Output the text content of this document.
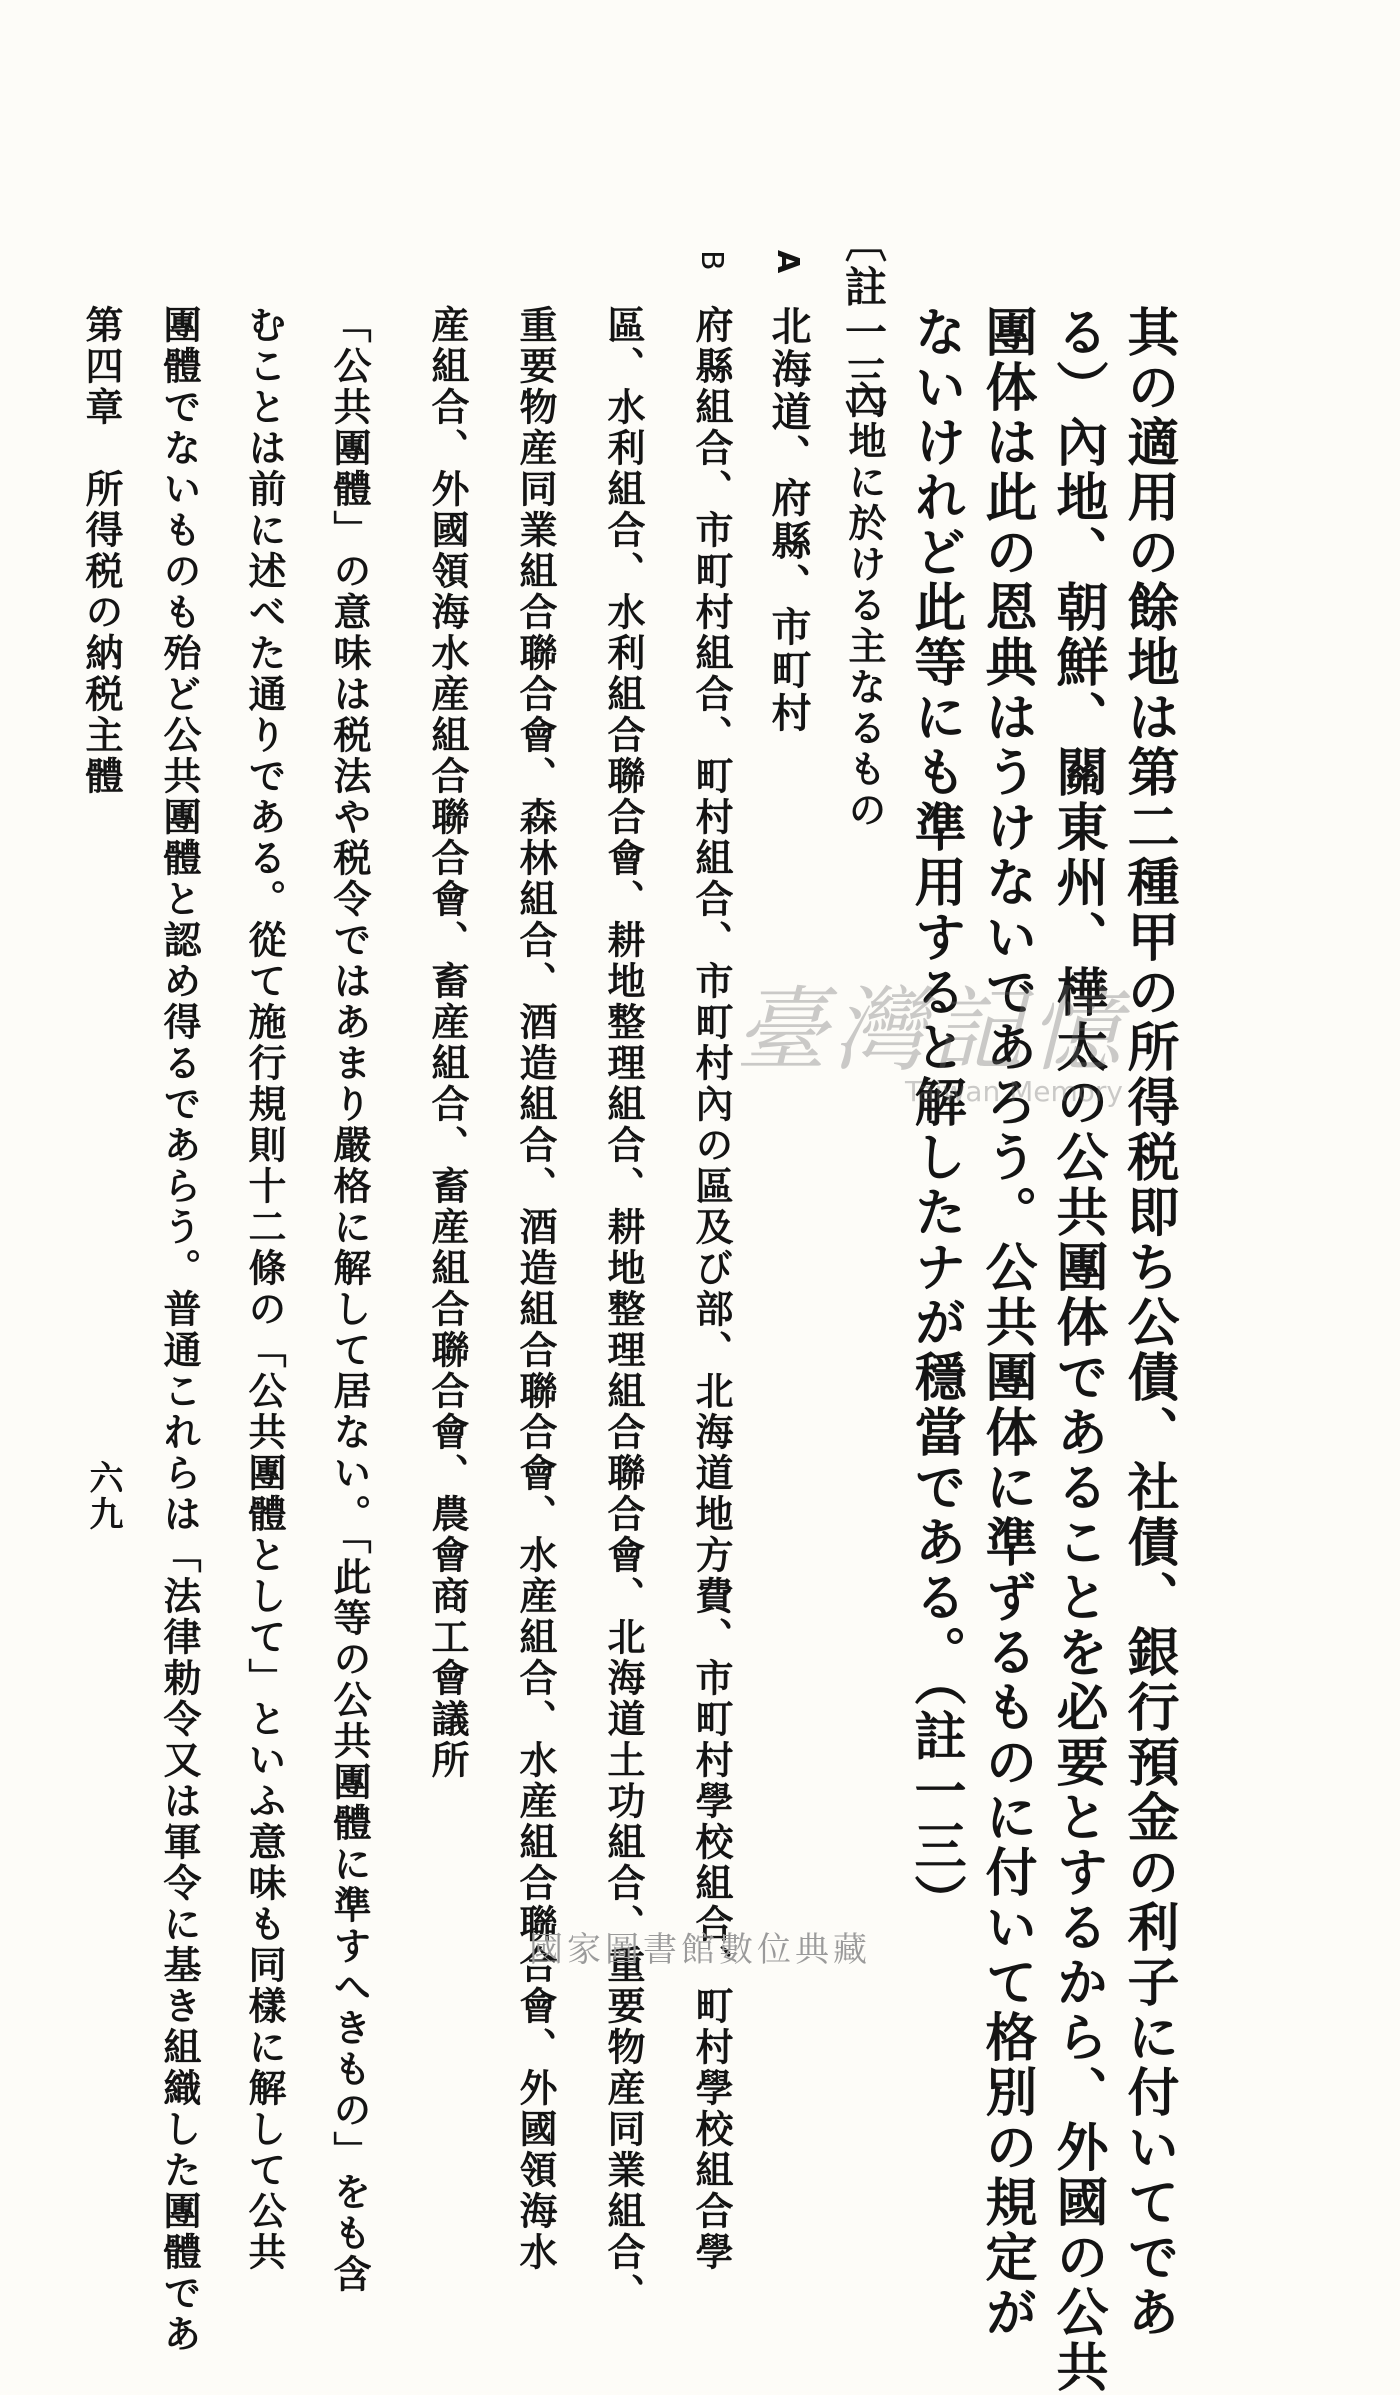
其の適用の餘地は第二種甲の所得税即ち公債、社債、銀行預金の利子に付いてであ
る）內地、朝鮮、關東州、樺太の公共團体であることを必要とするから、外國の公共
團体は此の恩典はうけないであろう。公共團体に準ずるものに付いて格別の規定が
ないけれど此等にも準用すると解したナが穩當である。（註一三）
〔註一三〕
內地に於ける主なるもの
A
北海道、府縣、市町村
B
府縣組合、市町村組合、町村組合、市町村內の區及び部、北海道地方費、市町村學校組合、町村學校組合學
區、水利組合、水利組合聯合會、耕地整理組合、耕地整理組合聯合會、北海道土功組合、重要物産同業組合、
重要物産同業組合聯合會、森林組合、酒造組合、酒造組合聯合會、水産組合、水産組合聯合會、外國領海水
産組合、外國領海水産組合聯合會、畜産組合、畜産組合聯合會、農會商工會議所
「公共團體」の意味は税法や税令ではあまり嚴格に解して居ない。「此等の公共團體に準すへきもの」をも含
むことは前に述べた通りである。從て施行規則十二條の「公共團體として」といふ意味も同樣に解して公共
團體でないものも殆ど公共團體と認め得るであらう。普通これらは「法律勅令又は軍令に基き組織した團體であ
第四章　所得税の納税主體
六九
臺灣記憶
Taiwan Memory
國家圖書館數位典藏
